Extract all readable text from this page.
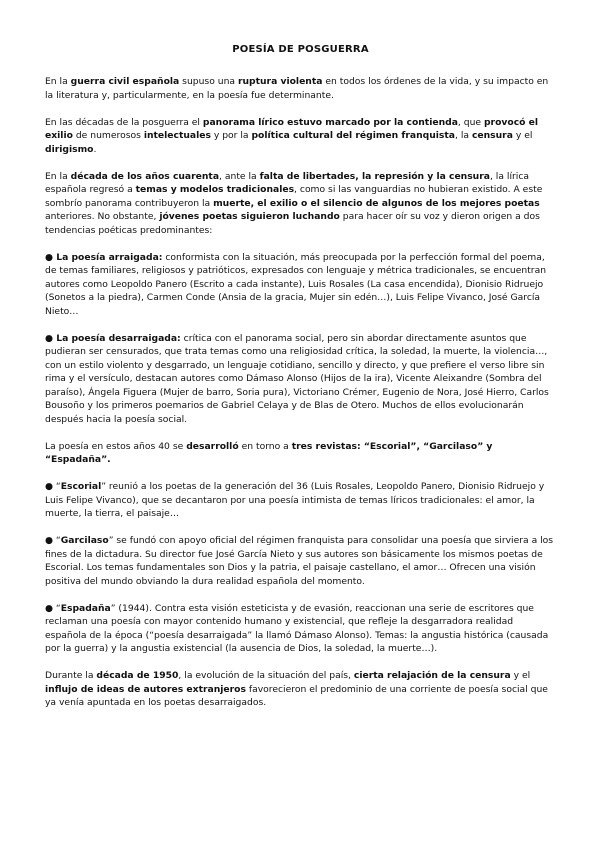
POESÍA DE POSGUERRA

En la guerra civil española supuso una ruptura violenta en todos los órdenes de la vida, y su impacto en la literatura y, particularmente, en la poesía fue determinante.

En las décadas de la posguerra el panorama lírico estuvo marcado por la contienda, que provocó el exilio de numerosos intelectuales y por la política cultural del régimen franquista, la censura y el dirigismo.

En la década de los años cuarenta, ante la falta de libertades, la represión y la censura, la lírica española regresó a temas y modelos tradicionales, como si las vanguardias no hubieran existido. A este sombrío panorama contribuyeron la muerte, el exilio o el silencio de algunos de los mejores poetas anteriores. No obstante, jóvenes poetas siguieron luchando para hacer oír su voz y dieron origen a dos tendencias poéticas predominantes:

● La poesía arraigada: conformista con la situación, más preocupada por la perfección formal del poema, de temas familiares, religiosos y patrióticos, expresados con lenguaje y métrica tradicionales, se encuentran autores como Leopoldo Panero (Escrito a cada instante), Luis Rosales (La casa encendida), Dionisio Ridruejo (Sonetos a la piedra), Carmen Conde (Ansia de la gracia, Mujer sin edén…), Luis Felipe Vivanco, José García Nieto…

● La poesía desarraigada: crítica con el panorama social, pero sin abordar directamente asuntos que pudieran ser censurados, que trata temas como una religiosidad crítica, la soledad, la muerte, la violencia…, con un estilo violento y desgarrado, un lenguaje cotidiano, sencillo y directo, y que prefiere el verso libre sin rima y el versículo, destacan autores como Dámaso Alonso (Hijos de la ira), Vicente Aleixandre (Sombra del paraíso), Ángela Figuera (Mujer de barro, Soria pura), Victoriano Crémer, Eugenio de Nora, José Hierro, Carlos Bousoño y los primeros poemarios de Gabriel Celaya y de Blas de Otero. Muchos de ellos evolucionarán después hacia la poesía social.

La poesía en estos años 40 se desarrolló en torno a tres revistas: “Escorial”, “Garcilaso” y “Espadaña”.

● “Escorial” reunió a los poetas de la generación del 36 (Luis Rosales, Leopoldo Panero, Dionisio Ridruejo y Luis Felipe Vivanco), que se decantaron por una poesía intimista de temas líricos tradicionales: el amor, la muerte, la tierra, el paisaje…

● “Garcilaso” se fundó con apoyo oficial del régimen franquista para consolidar una poesía que sirviera a los fines de la dictadura. Su director fue José García Nieto y sus autores son básicamente los mismos poetas de Escorial. Los temas fundamentales son Dios y la patria, el paisaje castellano, el amor… Ofrecen una visión positiva del mundo obviando la dura realidad española del momento.

● “Espadaña” (1944). Contra esta visión esteticista y de evasión, reaccionan una serie de escritores que reclaman una poesía con mayor contenido humano y existencial, que refleje la desgarradora realidad española de la época (“poesía desarraigada” la llamó Dámaso Alonso). Temas: la angustia histórica (causada por la guerra) y la angustia existencial (la ausencia de Dios, la soledad, la muerte…).

Durante la década de 1950, la evolución de la situación del país, cierta relajación de la censura y el influjo de ideas de autores extranjeros favorecieron el predominio de una corriente de poesía social que ya venía apuntada en los poetas desarraigados.
